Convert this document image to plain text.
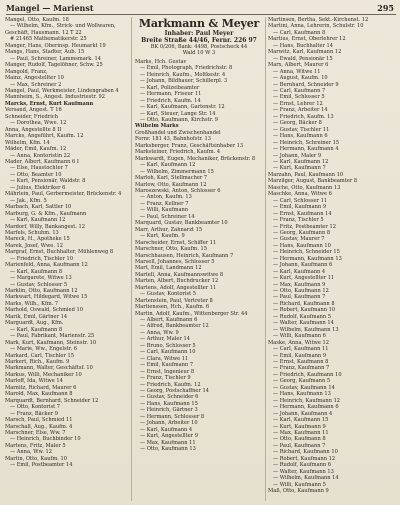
Mangel — Marienst	295
Mangel, Otto, Kaufm. 18
— Wilhelm, Kfm., Strick- und Wollwaren,
Geschäft, Hausmann. 12 T 22
# 21465 Mathematikerstr. 25
Manger, Hans, Oberinsp. Heumarkt 19
Mangs, Hans, Stadter, Aub. 15
— Paul, Schreiner, Lammsmark. 14
Manger, Rudolf, Tagelöhner, Schw. 25
Mangold, Franz,
Mainz, Angestellter 10
— Max, Schreiner 2
Mangel, Paul, Werkmeister, Lindengraben 4
Mannheim, S., Angest. Industriestr. 92
Marcks, Ernst, Kurt Kaufmann
Versand, Angest. T 16
Schneider, Friedrich
— Dorothea, Wwe. 12
Anna, Angestellte 8 II
Marcks, Angeführt, Kaufm. 12
Wilhelm, Kfm. 14
Mäder, Emil, Kaufm. 12
— Anna, Kontoristin 22
Mader, Albert, Kaufmann 6 I
— Else, Haustochter 7
— Otto, Beamter 10
— Kurt, Pensionär, Waldstr. 8
— Julius, Elektriker 6
Mährlein, Paul, Gerbermeister, Brückenstr. 4
— Jak., Kfm. 5
Marbach, Karl, Sattler 10
Marburg, G. & Kfm., Kaufmann
— Karl, Kaufmann 12
Mardorf, Willy, Bankangest. 12
Marfels, Schuhm. 13
Mareck, H., Apotheke 15
Marek, Josef, Wwe. 12
Margraf, Ernst, Buchhalter, Mühlenweg 8
— Friedrich, Tischler 10
Marienfeld, Anna, Kaufmann 12
— Karl, Kaufmann 8
— Margarete, Witwe 13
— Gustav, Schlosser 5
Marklin, Otto, Kaufmann 12
Markwart, Hildegard, Witwe 15
Marks, Wilh., Kfm. 7
Marhold, Oswald, Schmied 10
Marik, Emil, Gärtner 14
Marguardt, Aug., Kfm.
— Karl, Kaufmann 8
— Paul, Fabrikant, Marienstr. 25
Mark, Kurt, Kaufmann, Steinstr. 10
— Marie, Ww., Engelstr. 6
Markard, Carl, Tischler 15
Markert, Rich., Kaufm. 9
Markmann, Walter, Geschäftsf. 10
Markus, Willi, Mechaniker 10
Marloff, Ida, Witwe 14
Marnitz, Richard, Maurer 6
Marold, Max, Kaufmann 8
Marquardt, Bernhard, Schneider 12
— Otto, Kontorist 7
— Franz, Bäcker 9
Marsch, Paul, Schmied 11
Marschall, Aug., Kaufm. 4
Marschner, Else, Ww. 7
— Heinrich, Buchbinder 10
Martens, Fritz, Maler 5
— Anna, Ww. 12
Martin, Otto, Kaufm. 10
— Emil, Postbeamter 14
Markmann & Meyer
Inhaber: Paul Meyer
Breite Straße 44/46, Fernr. 226 97
BK 0/206, Bank: 4498, Postscheck 44
Wald 10 W 3
Marks, Hch. Gustav
— Emil, Photograph, Friedrichstr. 8
— Heinrich, Kaufm., Moltkestr. 4
— Johann, Bildhauer, Schillerpl. 3
— Karl, Polizeibeamter
— Hermann, Friseur 11
— Friedrich, Kaufm. 14
— Karl, Kaufmann, Gartenstr. 12
— Karl, Steuer, Lange Str. 14
— Otto, Kaufmann, Kirchstr. 9
Wilhelm Marks
Großhandel und Zwischenhandel
Fernr. 181 43, Bahnhofstr. 13
Marksberger, Franz, Geschäftsinhaber 13
Marksteiner, Friedrich, Kaufm. 4
Markwardt, Eugen, Mechaniker, Brückenstr. 8
— Karl, Kaufmann 12
— Wilhelm, Zimmermann 15
Marloh, Karl, Stellmacher 7
Marlow, Otto, Kaufmann 12
Maroszewski, Anton, Schlosser 6
— Anton, Kaufm. 13
— Franz, Kellner 7
— Willi, Kaufmann
— Paul, Schreiner 14
Marquard, Gustav, Bankbeamter 10
Marr, Arthur, Zahnarzt 15
— Kurt, Kaufm. 9
Marscheider, Ernst, Schiffer 11
Marschner, Otto, Kaufm. 15
Marschhausen, Heinrich, Kaufmann 7
Marsell, Johannes, Schlosser 5
Mart, Emil, Landmann 12
Martell, Anna, Kaufmannswitwe 8
Marten, Albert, Buchdrucker 12
Martens, Adolf, Angestellter 11
— Gustav, Kontorist 5
Martenstein, Paul, Vertreter 8
Martienssen, Hch., Kaufm. 6
Martin, Adolf, Kaufm., Wittenberger Str. 44
— Albert, Kaufmann 6
— Alfred, Bankbeamter 12
— Anna, Ww. 9
— Arthur, Maler 14
— Bruno, Schlosser 5
— Carl, Kaufmann 10
— Clara, Witwe 11
— Emil, Kaufmann 7
— Ernst, Ingenieur 8
— Franz, Tischler 9
— Friedrich, Kaufm. 12
— Georg, Postschaffner 14
— Gustav, Schneider 6
— Hans, Kaufmann 15
— Heinrich, Gärtner 3
— Hermann, Schlosser 8
— Johann, Arbeiter 10
— Karl, Kaufmann 4
— Kurt, Angestellter 9
— Max, Kaufmann 11
— Otto, Kaufmann 13
Martinsen, Bertha, Sekt.-Kirchenst. 12
Martini, Anna, Lehrerin, Schulstr. 10
— Carl, Kaufmann 8
Martius, Ernst, Oberlehrer 12
— Hans, Buchhalter 14
Marwitz, Karl, Kaufmann 12
— Ewald, Pensionär 15
Marx, Albert, Maurer 6
— Anna, Witwe 11
— August, Kaufm. 10
— Bernhard, Schneider 9
— Carl, Kaufmann 7
— Emil, Schlosser 5
— Ernst, Lehrer 12
— Franz, Arbeiter 14
— Friedrich, Kaufm. 13
— Georg, Bäcker 8
— Gustav, Tischler 11
— Hans, Kaufmann 6
— Heinrich, Schreiner 15
— Hermann, Kaufmann 4
— Johann, Maler 9
— Karl, Kaufmann 12
— Kurt, Kaufmann 7
Marzahn, Paul, Kaufmann 10
Marzilger, August, Bankbeamter 8
Masche, Otto, Kaufmann 13
Maschke, Anna, Witwe 6
— Carl, Schlosser 11
— Emil, Kaufmann 9
— Ernst, Kaufmann 14
— Franz, Tischler 5
— Fritz, Postbeamter 12
— Georg, Kaufmann 8
— Gustav, Maurer 7
— Hans, Kaufmann 10
— Heinrich, Schneider 15
— Hermann, Kaufmann 13
— Johann, Kaufmann 6
— Karl, Kaufmann 4
— Kurt, Angestellter 11
— Max, Kaufmann 9
— Otto, Kaufmann 12
— Paul, Kaufmann 7
— Richard, Kaufmann 8
— Robert, Kaufmann 10
— Rudolf, Kaufmann 5
— Walter, Kaufmann 14
— Wilhelm, Kaufmann 13
— Willi, Kaufmann 6
Maske, Anna, Witwe 12
— Carl, Kaufmann 11
— Emil, Kaufmann 9
— Ernst, Kaufmann 8
— Franz, Kaufmann 7
— Friedrich, Kaufmann 10
— Georg, Kaufmann 5
— Gustav, Kaufmann 14
— Hans, Kaufmann 13
— Heinrich, Kaufmann 12
— Hermann, Kaufmann 6
— Johann, Kaufmann 4
— Karl, Kaufmann 15
— Kurt, Kaufmann 9
— Max, Kaufmann 11
— Otto, Kaufmann 8
— Paul, Kaufmann 7
— Richard, Kaufmann 10
— Robert, Kaufmann 12
— Rudolf, Kaufmann 6
— Walter, Kaufmann 13
— Wilhelm, Kaufmann 14
— Willi, Kaufmann 5
Maß, Otto, Kaufmann 9
